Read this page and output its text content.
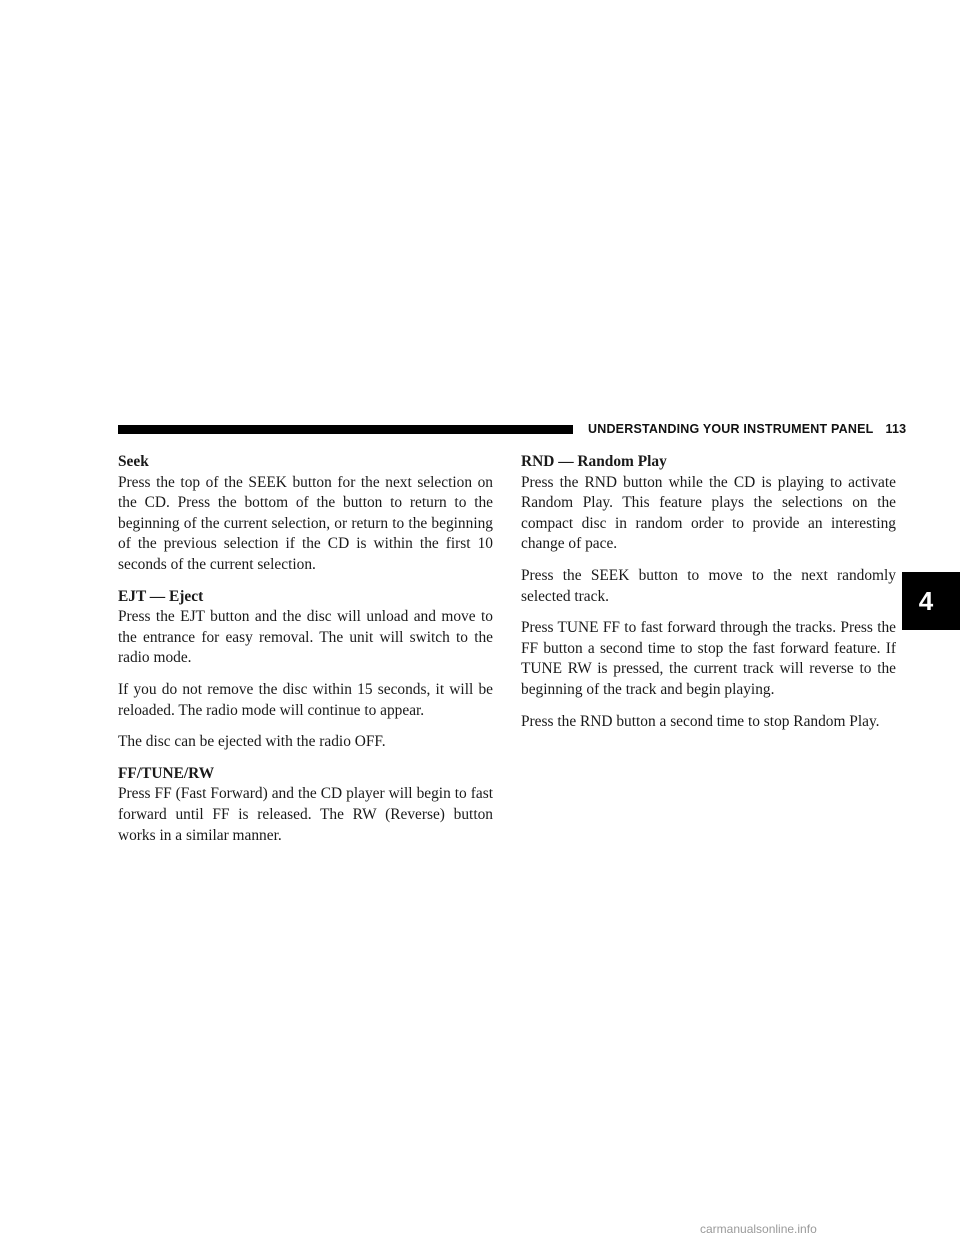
UNDERSTANDING YOUR INSTRUMENT PANEL 113

Seek

Press the top of the SEEK button for the next selection on the CD. Press the bottom of the button to return to the beginning of the current selection, or return to the beginning of the previous selection if the CD is within the first 10 seconds of the current selection.

EJT — Eject

Press the EJT button and the disc will unload and move to the entrance for easy removal. The unit will switch to the radio mode.

If you do not remove the disc within 15 seconds, it will be reloaded. The radio mode will continue to appear.

The disc can be ejected with the radio OFF.

FF/TUNE/RW

Press FF (Fast Forward) and the CD player will begin to fast forward until FF is released. The RW (Reverse) button works in a similar manner.

RND — Random Play

Press the RND button while the CD is playing to activate Random Play. This feature plays the selections on the compact disc in random order to provide an interesting change of pace.

Press the SEEK button to move to the next randomly selected track.

Press TUNE FF to fast forward through the tracks. Press the FF button a second time to stop the fast forward feature. If TUNE RW is pressed, the current track will reverse to the beginning of the track and begin playing.

Press the RND button a second time to stop Random Play.

4
carmanualsonline.info
